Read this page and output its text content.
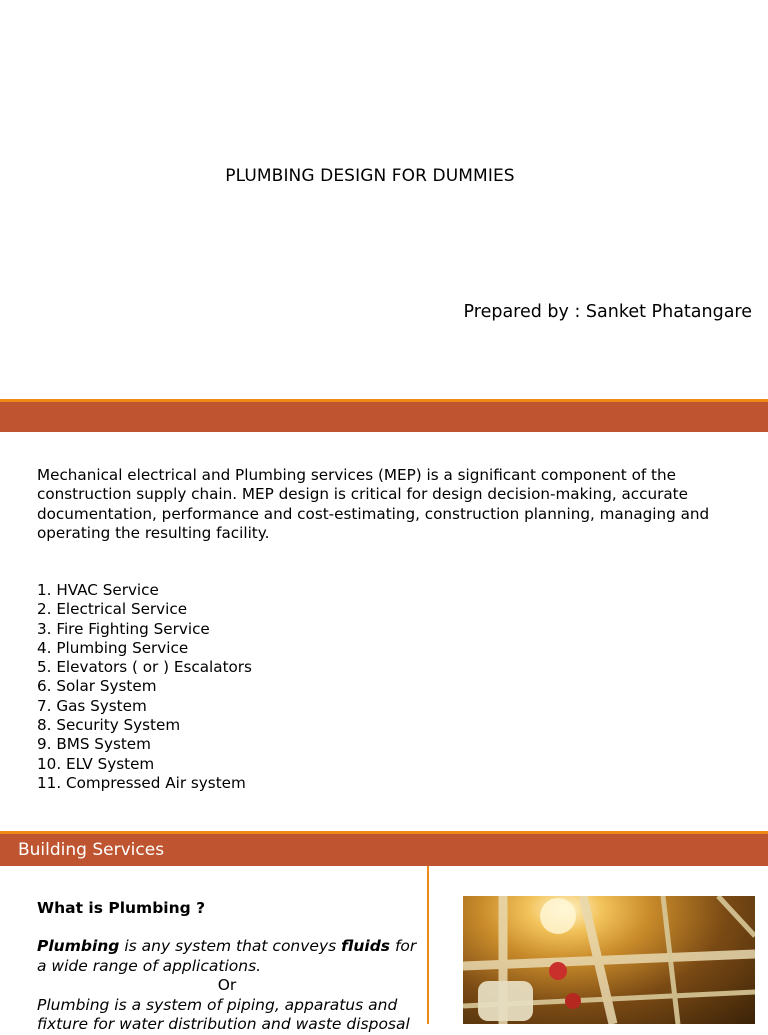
PLUMBING DESIGN FOR DUMMIES
Prepared by : Sanket Phatangare
Mechanical electrical and Plumbing services (MEP) is a significant component of the construction supply chain. MEP design is critical for design decision-making, accurate documentation, performance and cost-estimating, construction planning, managing and operating the resulting facility.
1. HVAC Service
2. Electrical Service
3. Fire Fighting Service
4. Plumbing Service
5. Elevators ( or ) Escalators
6. Solar System
7. Gas System
8. Security System
9. BMS System
10. ELV System
11. Compressed Air system
Building Services
What is Plumbing ?
Plumbing is any system that conveys fluids for a wide range of applications.
Or
Plumbing is a system of piping, apparatus and fixture for water distribution and waste disposal
